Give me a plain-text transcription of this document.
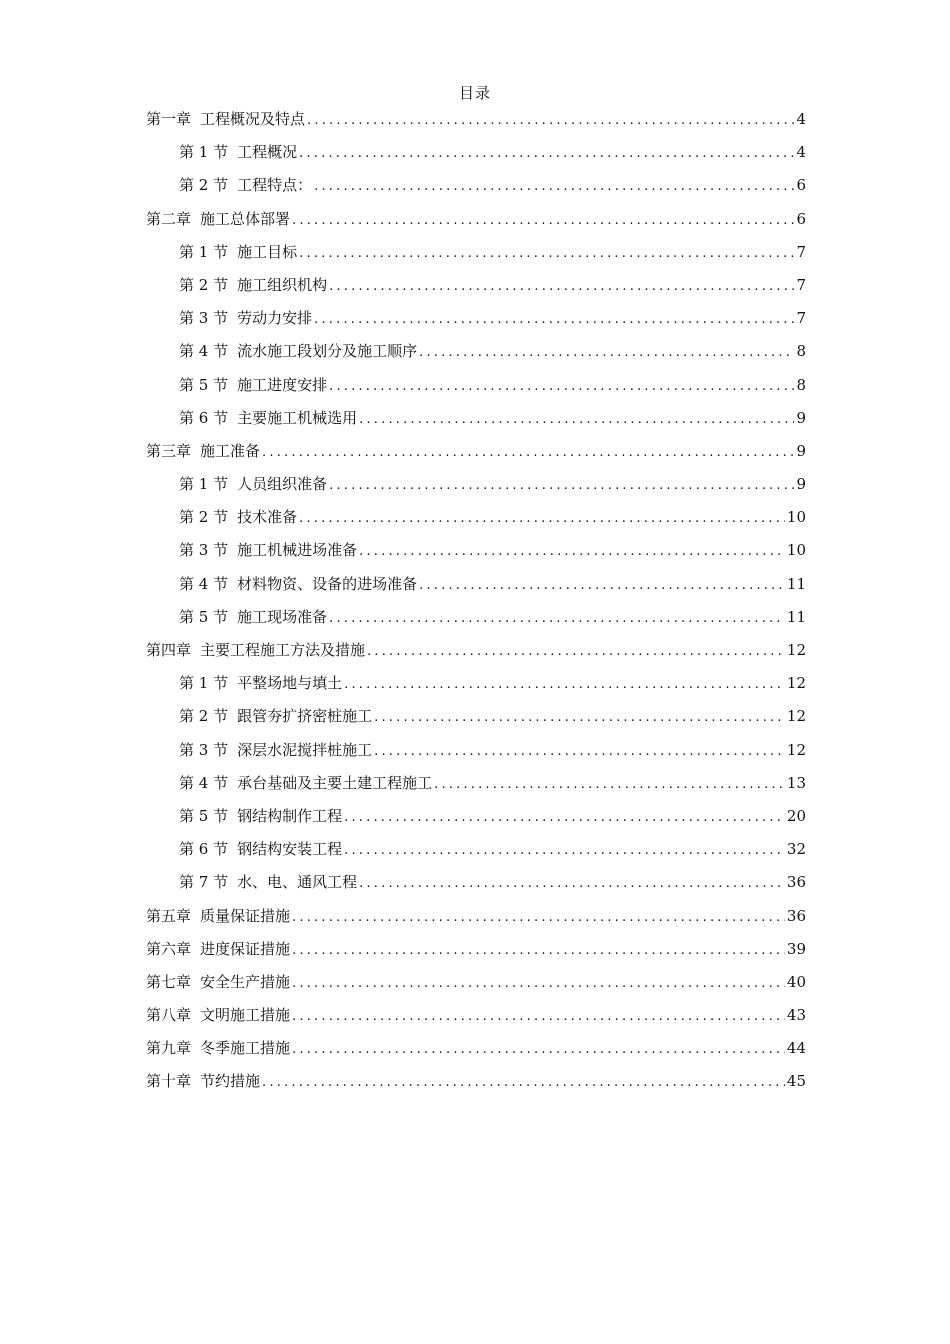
目录
第一章 工程概况及特点 .....	4
第 1 节 工程概况 .....	4
第 2 节 工程特点： .....	6
第二章 施工总体部署 .....	6
第 1 节 施工目标 .....	7
第 2 节 施工组织机构 .....	7
第 3 节 劳动力安排 .....	7
第 4 节 流水施工段划分及施工顺序 .....	8
第 5 节 施工进度安排 .....	8
第 6 节 主要施工机械选用 .....	9
第三章 施工准备 .....	9
第 1 节 人员组织准备 .....	9
第 2 节 技术准备 .....	10
第 3 节 施工机械进场准备 .....	10
第 4 节 材料物资、设备的进场准备 .....	11
第 5 节 施工现场准备 .....	11
第四章 主要工程施工方法及措施 .....	12
第 1 节 平整场地与填土 .....	12
第 2 节 跟管夯扩挤密桩施工 .....	12
第 3 节 深层水泥搅拌桩施工 .....	12
第 4 节 承台基础及主要土建工程施工 .....	13
第 5 节 钢结构制作工程 .....	20
第 6 节 钢结构安装工程 .....	32
第 7 节 水、电、通风工程 .....	36
第五章 质量保证措施 .....	36
第六章 进度保证措施 .....	39
第七章 安全生产措施 .....	40
第八章 文明施工措施 .....	43
第九章 冬季施工措施 .....	44
第十章 节约措施 .....	45
